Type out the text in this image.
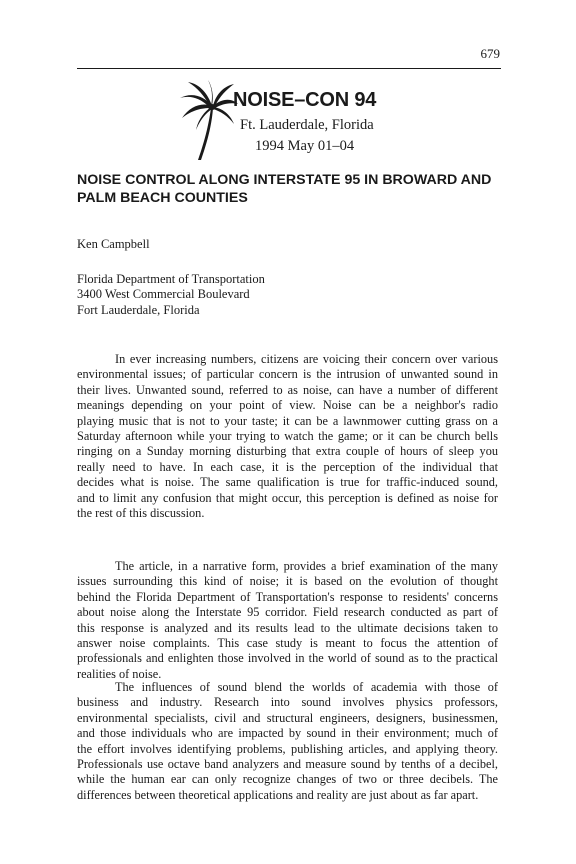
679
NOISE–CON 94
Ft. Lauderdale, Florida
1994 May 01–04
NOISE CONTROL ALONG INTERSTATE 95 IN BROWARD AND PALM BEACH COUNTIES
Ken Campbell
Florida Department of Transportation
3400 West Commercial Boulevard
Fort Lauderdale, Florida

In ever increasing numbers, citizens are voicing their concern over various
environmental issues; of particular concern is the intrusion of unwanted sound in
their lives. Unwanted sound, referred to as noise, can have a number of different
meanings depending on your point of view. Noise can be a neighbor's radio
playing music that is not to your taste; it can be a lawnmower cutting grass on a
Saturday afternoon while your trying to watch the game; or it can be church bells
ringing on a Sunday morning disturbing that extra couple of hours of sleep you
really need to have. In each case, it is the perception of the individual that
decides what is noise. The same qualification is true for traffic-induced sound,
and to limit any confusion that might occur, this perception is defined as noise for
the rest of this discussion.

The article, in a narrative form, provides a brief examination of the many
issues surrounding this kind of noise; it is based on the evolution of thought
behind the Florida Department of Transportation's response to residents' concerns
about noise along the Interstate 95 corridor. Field research conducted as part of
this response is analyzed and its results lead to the ultimate decisions taken to
answer noise complaints. This case study is meant to focus the attention of
professionals and enlighten those involved in the world of sound as to the practical
realities of noise.

The influences of sound blend the worlds of academia with those of
business and industry. Research into sound involves physics professors,
environmental specialists, civil and structural engineers, designers, businessmen,
and those individuals who are impacted by sound in their environment; much of
the effort involves identifying problems, publishing articles, and applying theory.
Professionals use octave band analyzers and measure sound by tenths of a decibel,
while the human ear can only recognize changes of two or three decibels. The
differences between theoretical applications and reality are just about as far apart.
